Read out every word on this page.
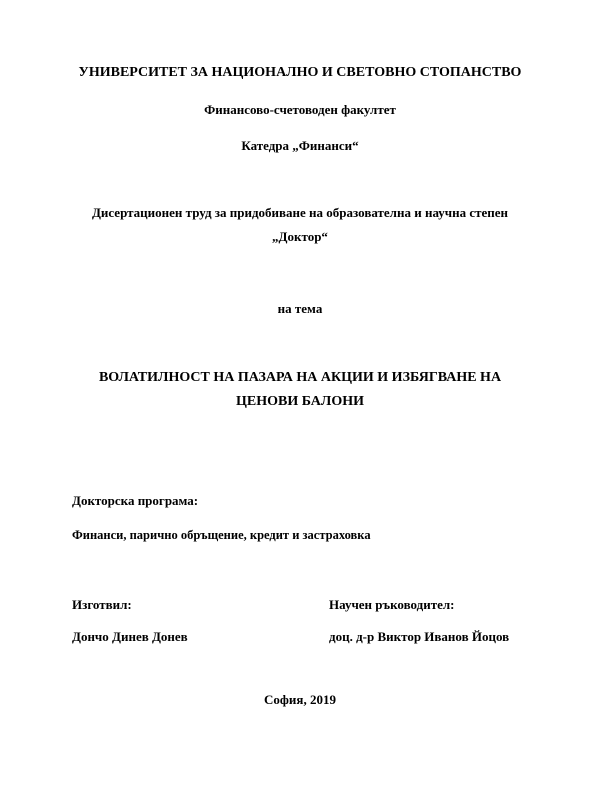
УНИВЕРСИТЕТ ЗА НАЦИОНАЛНО И СВЕТОВНО СТОПАНСТВО
Финансово-счетоводен факултет
Катедра „Финанси“
Дисертационен труд за придобиване на образователна и научна степен
„Доктор“
на тема
ВОЛАТИЛНОСТ НА ПАЗАРА НА АКЦИИ И ИЗБЯГВАНЕ НА
ЦЕНОВИ БАЛОНИ
Докторска програма:
Финанси, парично обръщение, кредит и застраховка
Изготвил:	Научен ръководител:
Дончо Динев Донев	доц. д-р Виктор Иванов Йоцов
София, 2019
